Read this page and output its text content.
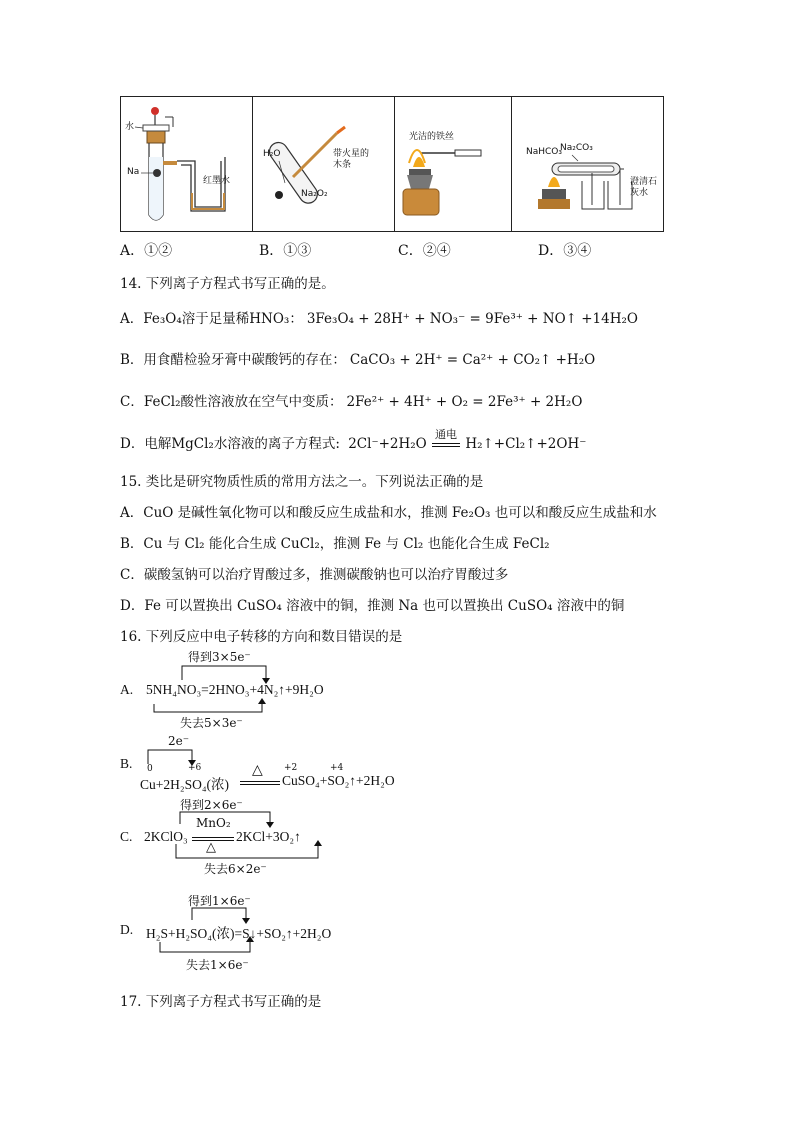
水
Na
红墨水
H₂O	带火星的木条
Na₂O₂
光洁的铁丝
NaHCO₃
Na₂CO₃
澄清石灰水
A．①②	B．①③	C．②④	D．③④
14. 下列离子方程式书写正确的是。
A．Fe₃O₄溶于足量稀HNO₃： 3Fe₃O₄ + 28H⁺ + NO₃⁻ = 9Fe³⁺ + NO↑ +14H₂O
B．用食醋检验牙膏中碳酸钙的存在： CaCO₃ + 2H⁺ = Ca²⁺ + CO₂↑ +H₂O
C．FeCl₂酸性溶液放在空气中变质： 2Fe²⁺ + 4H⁺ + O₂ = 2Fe³⁺ + 2H₂O
D．电解MgCl₂水溶液的离子方程式: 2Cl⁻+2H₂O
通电
H₂↑+Cl₂↑+2OH⁻
15. 类比是研究物质性质的常用方法之一。下列说法正确的是
A．CuO 是碱性氧化物可以和酸反应生成盐和水，推测 Fe₂O₃ 也可以和酸反应生成盐和水
B．Cu 与 Cl₂ 能化合生成 CuCl₂，推测 Fe 与 Cl₂ 也能化合生成 FeCl₂
C．碳酸氢钠可以治疗胃酸过多，推测碳酸钠也可以治疗胃酸过多
D．Fe 可以置换出 CuSO₄ 溶液中的铜，推测 Na 也可以置换出 CuSO₄ 溶液中的铜
16. 下列反应中电子转移的方向和数目错误的是
得到3×5e⁻
A. 5NH₄NO₃=2HNO₃+4N₂↑+9H₂O
失去5×3e⁻
2e⁻
B. 0	+6	+2	+4
Cu+2H₂SO₄(浓)
△
CuSO₄+SO₂↑+2H₂O
得到2×6e⁻
C. 2KClO₃
MnO₂
△
2KCl+3O₂↑
失去6×2e⁻
得到1×6e⁻
D. H₂S+H₂SO₄(浓)=S↓+SO₂↑+2H₂O
失去1×6e⁻
17. 下列离子方程式书写正确的是
